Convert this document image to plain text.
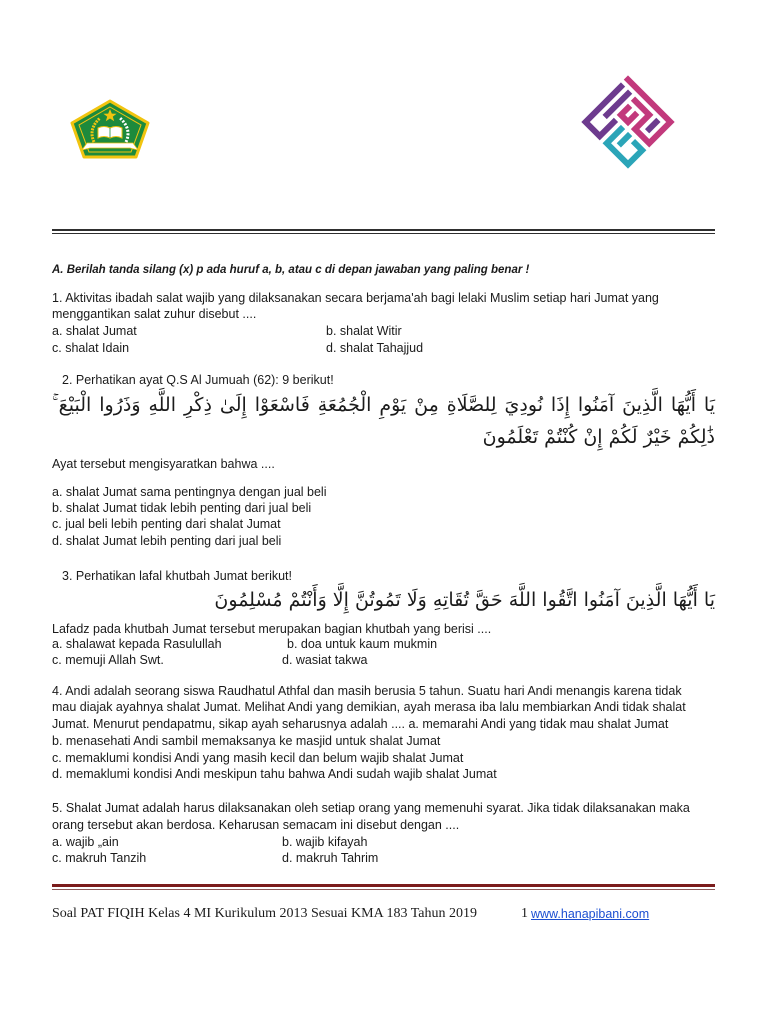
A. Berilah tanda silang (x) p ada huruf a, b, atau c di depan jawaban yang paling benar !
1. Aktivitas ibadah salat wajib yang dilaksanakan secara berjama'ah bagi lelaki Muslim setiap hari Jumat yang
menggantikan salat zuhur disebut ....
a. shalat Jumat	b. shalat Witir
c. shalat Idain	d. shalat Tahajjud
2. Perhatikan ayat Q.S Al Jumuah (62): 9 berikut!
يَا أَيُّهَا الَّذِينَ آمَنُوا إِذَا نُودِيَ لِلصَّلَاةِ مِنْ يَوْمِ الْجُمُعَةِ فَاسْعَوْا إِلَىٰ ذِكْرِ اللَّهِ وَذَرُوا الْبَيْعَ ۚ
ذَٰلِكُمْ خَيْرٌ لَكُمْ إِنْ كُنْتُمْ تَعْلَمُونَ
Ayat tersebut mengisyaratkan bahwa ....
a. shalat Jumat sama pentingnya dengan jual beli
b. shalat Jumat tidak lebih penting dari jual beli
c. jual beli lebih penting dari shalat Jumat
d. shalat Jumat lebih penting dari jual beli
3. Perhatikan lafal khutbah Jumat berikut!
يَا أَيُّهَا الَّذِينَ آمَنُوا اتَّقُوا اللَّهَ حَقَّ تُقَاتِهِ وَلَا تَمُوتُنَّ إِلَّا وَأَنْتُمْ مُسْلِمُونَ
Lafadz pada khutbah Jumat tersebut merupakan bagian khutbah yang berisi ....
a. shalawat kepada Rasulullah	b. doa untuk kaum mukmin
c. memuji Allah Swt.	d. wasiat takwa
4. Andi adalah seorang siswa Raudhatul Athfal dan masih berusia 5 tahun. Suatu hari Andi menangis karena tidak
mau diajak ayahnya shalat Jumat. Melihat Andi yang demikian, ayah merasa iba lalu membiarkan Andi tidak shalat
Jumat. Menurut pendapatmu, sikap ayah seharusnya adalah .... a. memarahi Andi yang tidak mau shalat Jumat
b. menasehati Andi sambil memaksanya ke masjid untuk shalat Jumat
c. memaklumi kondisi Andi yang masih kecil dan belum wajib shalat Jumat
d. memaklumi kondisi Andi meskipun tahu bahwa Andi sudah wajib shalat Jumat
5. Shalat Jumat adalah harus dilaksanakan oleh setiap orang yang memenuhi syarat. Jika tidak dilaksanakan maka
orang tersebut akan berdosa. Keharusan semacam ini disebut dengan ....
a. wajib „ain	b. wajib kifayah
c. makruh Tanzih	d. makruh Tahrim
Soal PAT FIQIH Kelas 4 MI Kurikulum 2013 Sesuai KMA 183 Tahun 2019	1 www.hanapibani.com
